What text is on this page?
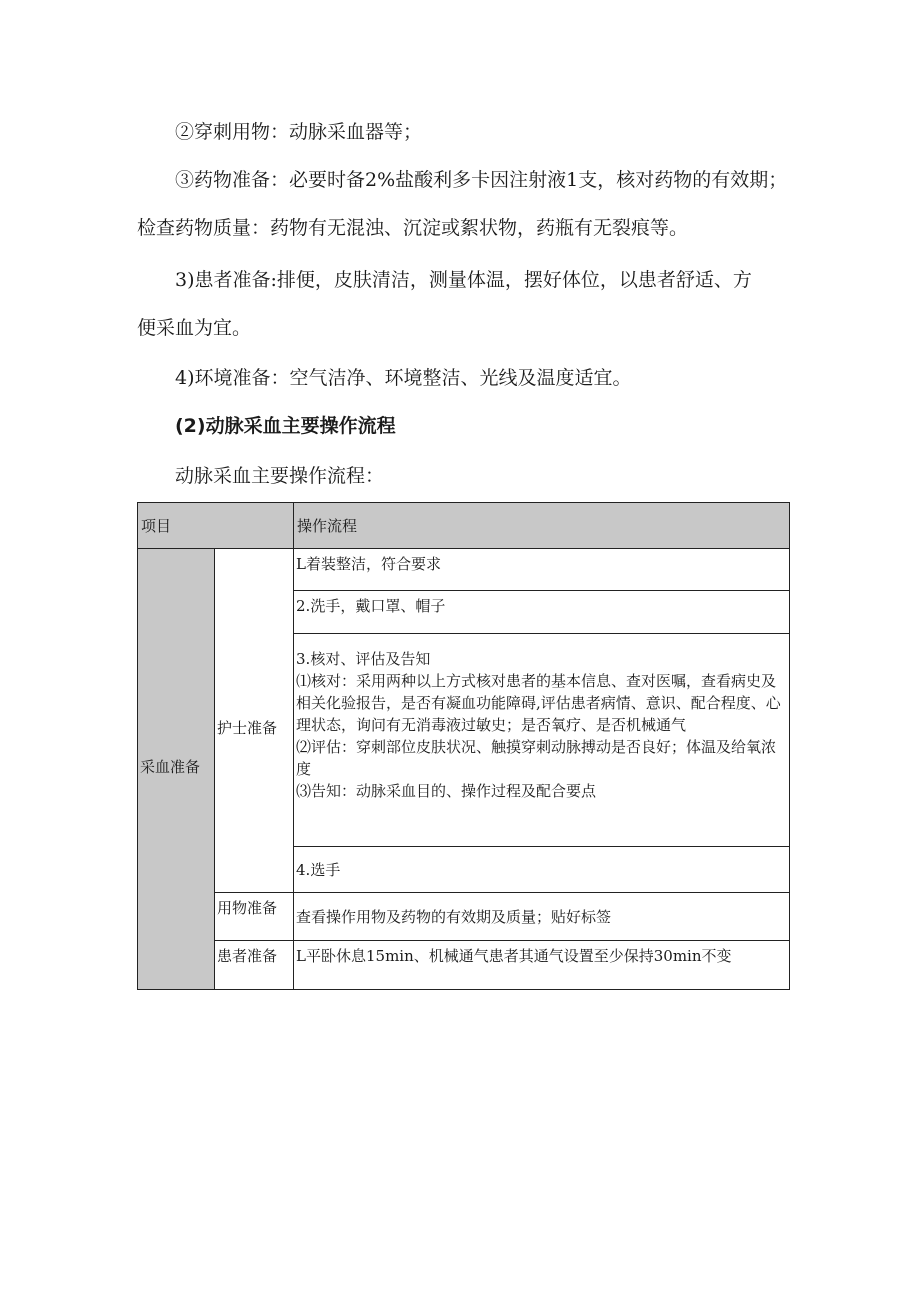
②穿刺用物：动脉采血器等；
③药物准备：必要时备2%盐酸利多卡因注射液1支，核对药物的有效期；
检查药物质量：药物有无混浊、沉淀或絮状物，药瓶有无裂痕等。
3)患者准备:排便，皮肤清洁，测量体温，摆好体位，以患者舒适、方
便采血为宜。
4)环境准备：空气洁净、环境整洁、光线及温度适宜。
(2)动脉采血主要操作流程
动脉采血主要操作流程：
项目		操作流程
采血准备	护士准备	L着装整洁，符合要求
		2.洗手，戴口罩、帽子

		3.核对、评估及告知
⑴核对：采用两种以上方式核对患者的基本信息、查对医嘱，查看病史及相关化验报告，是否有凝血功能障碍,评估患者病情、意识、配合程度、心理状态，询问有无消毒液过敏史；是否氧疗、是否机械通气
⑵评估：穿刺部位皮肤状况、触摸穿刺动脉搏动是否良好；体温及给氧浓度
⑶告知：动脉采血目的、操作过程及配合要点

		4.选手
	用物准备	查看操作用物及药物的有效期及质量；贴好标签
	患者准备	L平卧休息15min、机械通气患者其通气设置至少保持30min不变
